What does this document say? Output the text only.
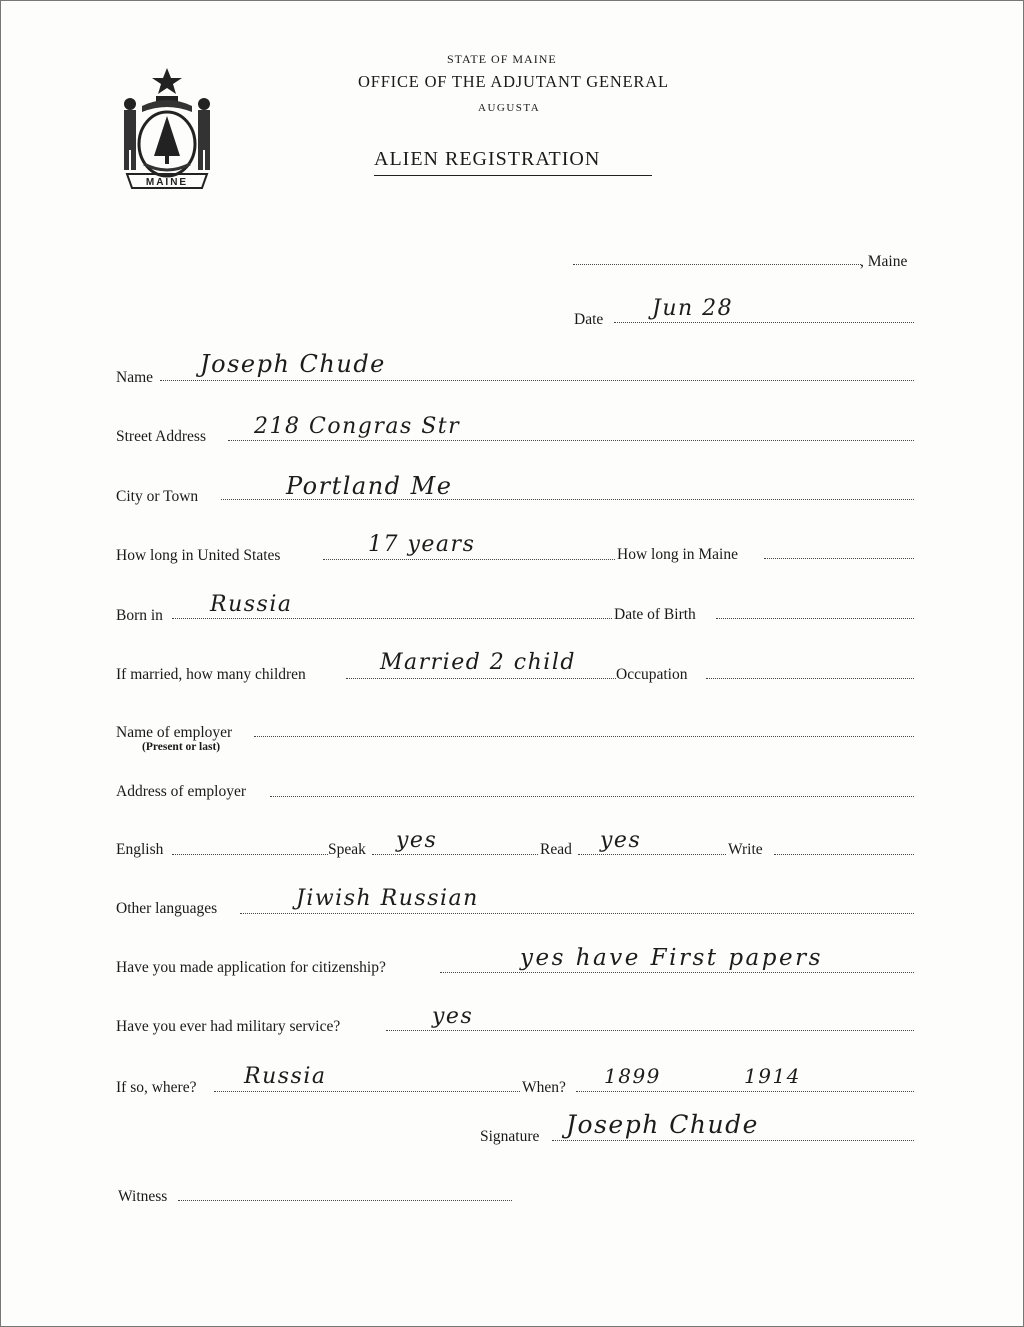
MAINE
STATE OF MAINE
OFFICE OF THE ADJUTANT GENERAL
AUGUSTA
ALIEN REGISTRATION
, Maine
Date Jun 28
Name Joseph Chude
Street Address 218 Congras Str
City or Town	Portland Me
How long in United States	17 years	How long in Maine
Born in Russia	Date of Birth
If married, how many children	Married 2 child	Occupation
Name of employer
(Present or last)
Address of employer
English	Speak yes	Read yes	Write
Other languages	Jiwish Russian
Have you made application for citizenship?	yes have First papers
Have you ever had military service?	yes
If so, where? Russia	When? 1899	1914
Signature Joseph Chude
Witness
